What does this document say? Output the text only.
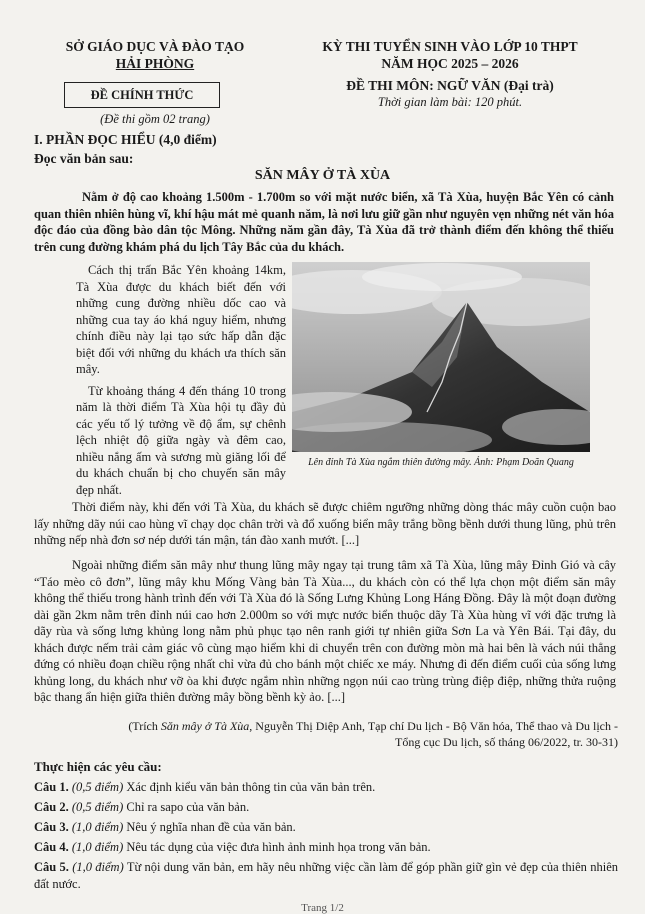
SỞ GIÁO DỤC VÀ ĐÀO TẠO
HẢI PHÒNG
ĐỀ CHÍNH THỨC
(Đề thi gồm 02 trang)
KỲ THI TUYỂN SINH VÀO LỚP 10 THPT
NĂM HỌC 2025 – 2026
ĐỀ THI MÔN: NGỮ VĂN (Đại trà)
Thời gian làm bài: 120 phút.
I. PHẦN ĐỌC HIỂU (4,0 điểm)
Đọc văn bản sau:
SĂN MÂY Ở TÀ XÙA

Nằm ở độ cao khoảng 1.500m - 1.700m so với mặt nước biển, xã Tà Xùa, huyện Bắc Yên có cảnh quan thiên nhiên hùng vĩ, khí hậu mát mẻ quanh năm, là nơi lưu giữ gần như nguyên vẹn những nét văn hóa độc đáo của đồng bào dân tộc Mông. Những năm gần đây, Tà Xùa đã trở thành điểm đến không thể thiếu trên cung đường khám phá du lịch Tây Bắc của du khách.

Cách thị trấn Bắc Yên khoảng 14km, Tà Xùa được du khách biết đến với những cung đường nhiều dốc cao và những cua tay áo khá nguy hiểm, nhưng chính điều này lại tạo sức hấp dẫn đặc biệt đối với những du khách ưa thích săn mây.

Từ khoảng tháng 4 đến tháng 10 trong năm là thời điểm Tà Xùa hội tụ đầy đủ các yếu tố lý tưởng về độ ẩm, sự chênh lệch nhiệt độ giữa ngày và đêm cao, nhiều nắng ấm và sương mù giăng lối để du khách chuẩn bị cho chuyến săn mây đẹp nhất.

Lên đỉnh Tà Xùa ngắm thiên đường mây. Ảnh: Phạm Doãn Quang

Thời điểm này, khi đến với Tà Xùa, du khách sẽ được chiêm ngưỡng những dòng thác mây cuồn cuộn bao lấy những dãy núi cao hùng vĩ chạy dọc chân trời và đổ xuống biển mây trắng bồng bềnh dưới thung lũng, phủ trên những nếp nhà đơn sơ nép dưới tán mận, tán đào xanh mướt. [...]

Ngoài những điểm săn mây như thung lũng mây ngay tại trung tâm xã Tà Xùa, lũng mây Đỉnh Gió và cây “Táo mèo cô đơn”, lũng mây khu Mống Vàng bản Tà Xùa..., du khách còn có thể lựa chọn một điểm săn mây không thể thiếu trong hành trình đến với Tà Xùa đó là Sống Lưng Khủng Long Háng Đồng. Đây là một đoạn đường dài gần 2km nằm trên đỉnh núi cao hơn 2.000m so với mực nước biển thuộc dãy Tà Xùa hùng vĩ với đặc trưng là dãy rùa và sống lưng khủng long nằm phủ phục tạo nên ranh giới tự nhiên giữa Sơn La và Yên Bái. Tại đây, du khách được nếm trải cảm giác vô cùng mạo hiểm khi di chuyển trên con đường mòn mà hai bên là vách núi thẳng đứng có nhiều đoạn chiều rộng nhất chỉ vừa đủ cho bánh một chiếc xe máy. Nhưng đi đến điểm cuối của sống lưng khủng long, du khách như vỡ òa khi được ngắm nhìn những ngọn núi cao trùng trùng điệp điệp, những thửa ruộng bậc thang ẩn hiện giữa thiên đường mây bồng bềnh kỳ ảo. [...]

(Trích Săn mây ở Tà Xùa, Nguyễn Thị Diệp Anh, Tạp chí Du lịch - Bộ Văn hóa, Thể thao và Du lịch -
Tổng cục Du lịch, số tháng 06/2022, tr. 30-31)
Thực hiện các yêu cầu:
Câu 1. (0,5 điểm) Xác định kiểu văn bản thông tin của văn bản trên.
Câu 2. (0,5 điểm) Chỉ ra sapo của văn bản.
Câu 3. (1,0 điểm) Nêu ý nghĩa nhan đề của văn bản.
Câu 4. (1,0 điểm) Nêu tác dụng của việc đưa hình ảnh minh họa trong văn bản.
Câu 5. (1,0 điểm) Từ nội dung văn bản, em hãy nêu những việc cần làm để góp phần giữ gìn vẻ đẹp của thiên nhiên đất nước.
Trang 1/2
